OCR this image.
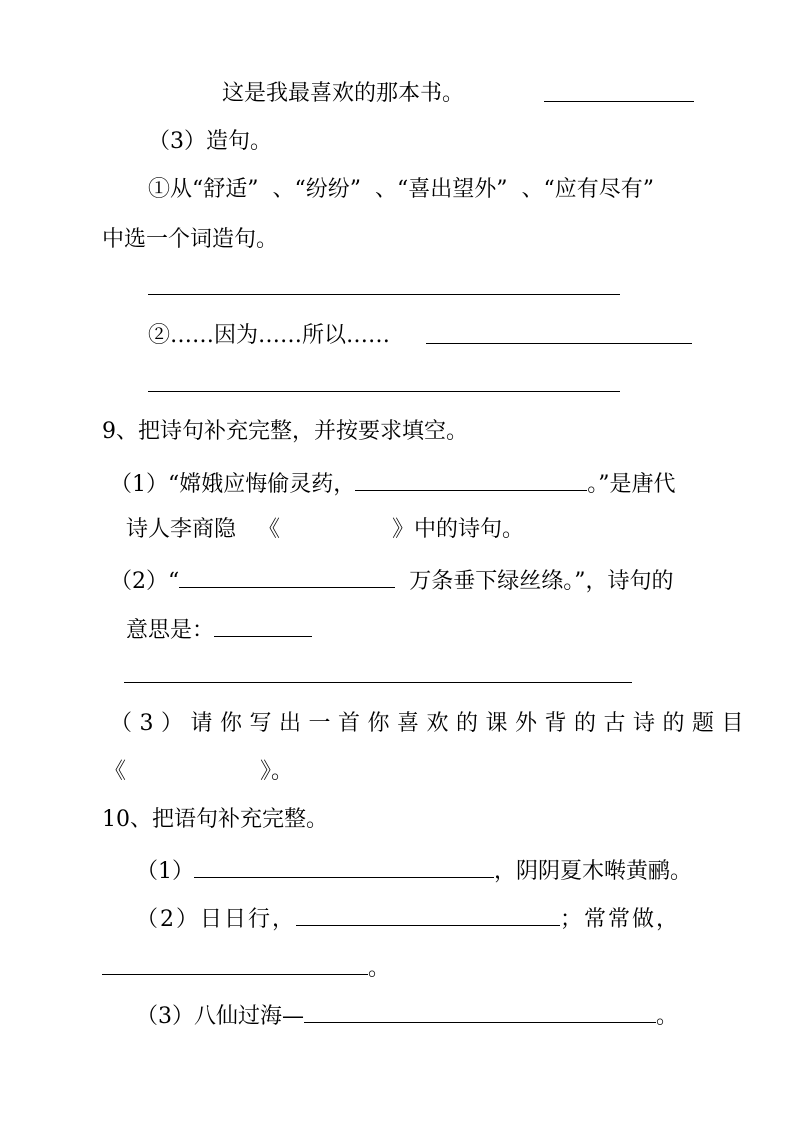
这是我最喜欢的那本书。
（3）造句。
①从“舒适” 、“纷纷” 、“喜出望外” 、“应有尽有”
中选一个词造句。
②……因为……所以……
9、把诗句补充完整，并按要求填空。
（1）“嫦娥应悔偷灵药，	。”是唐代
诗人李商隐 《	》中的诗句。
（2）“	万条垂下绿丝绦。”，诗句的
意思是：
（3）请你写出一首你喜欢的课外背的古诗的题目
《	》。
10、把语句补充完整。
（1）	，阴阴夏木啭黄鹂。
（2）日日行，	；常常做，
。
（3）八仙过海—	。
